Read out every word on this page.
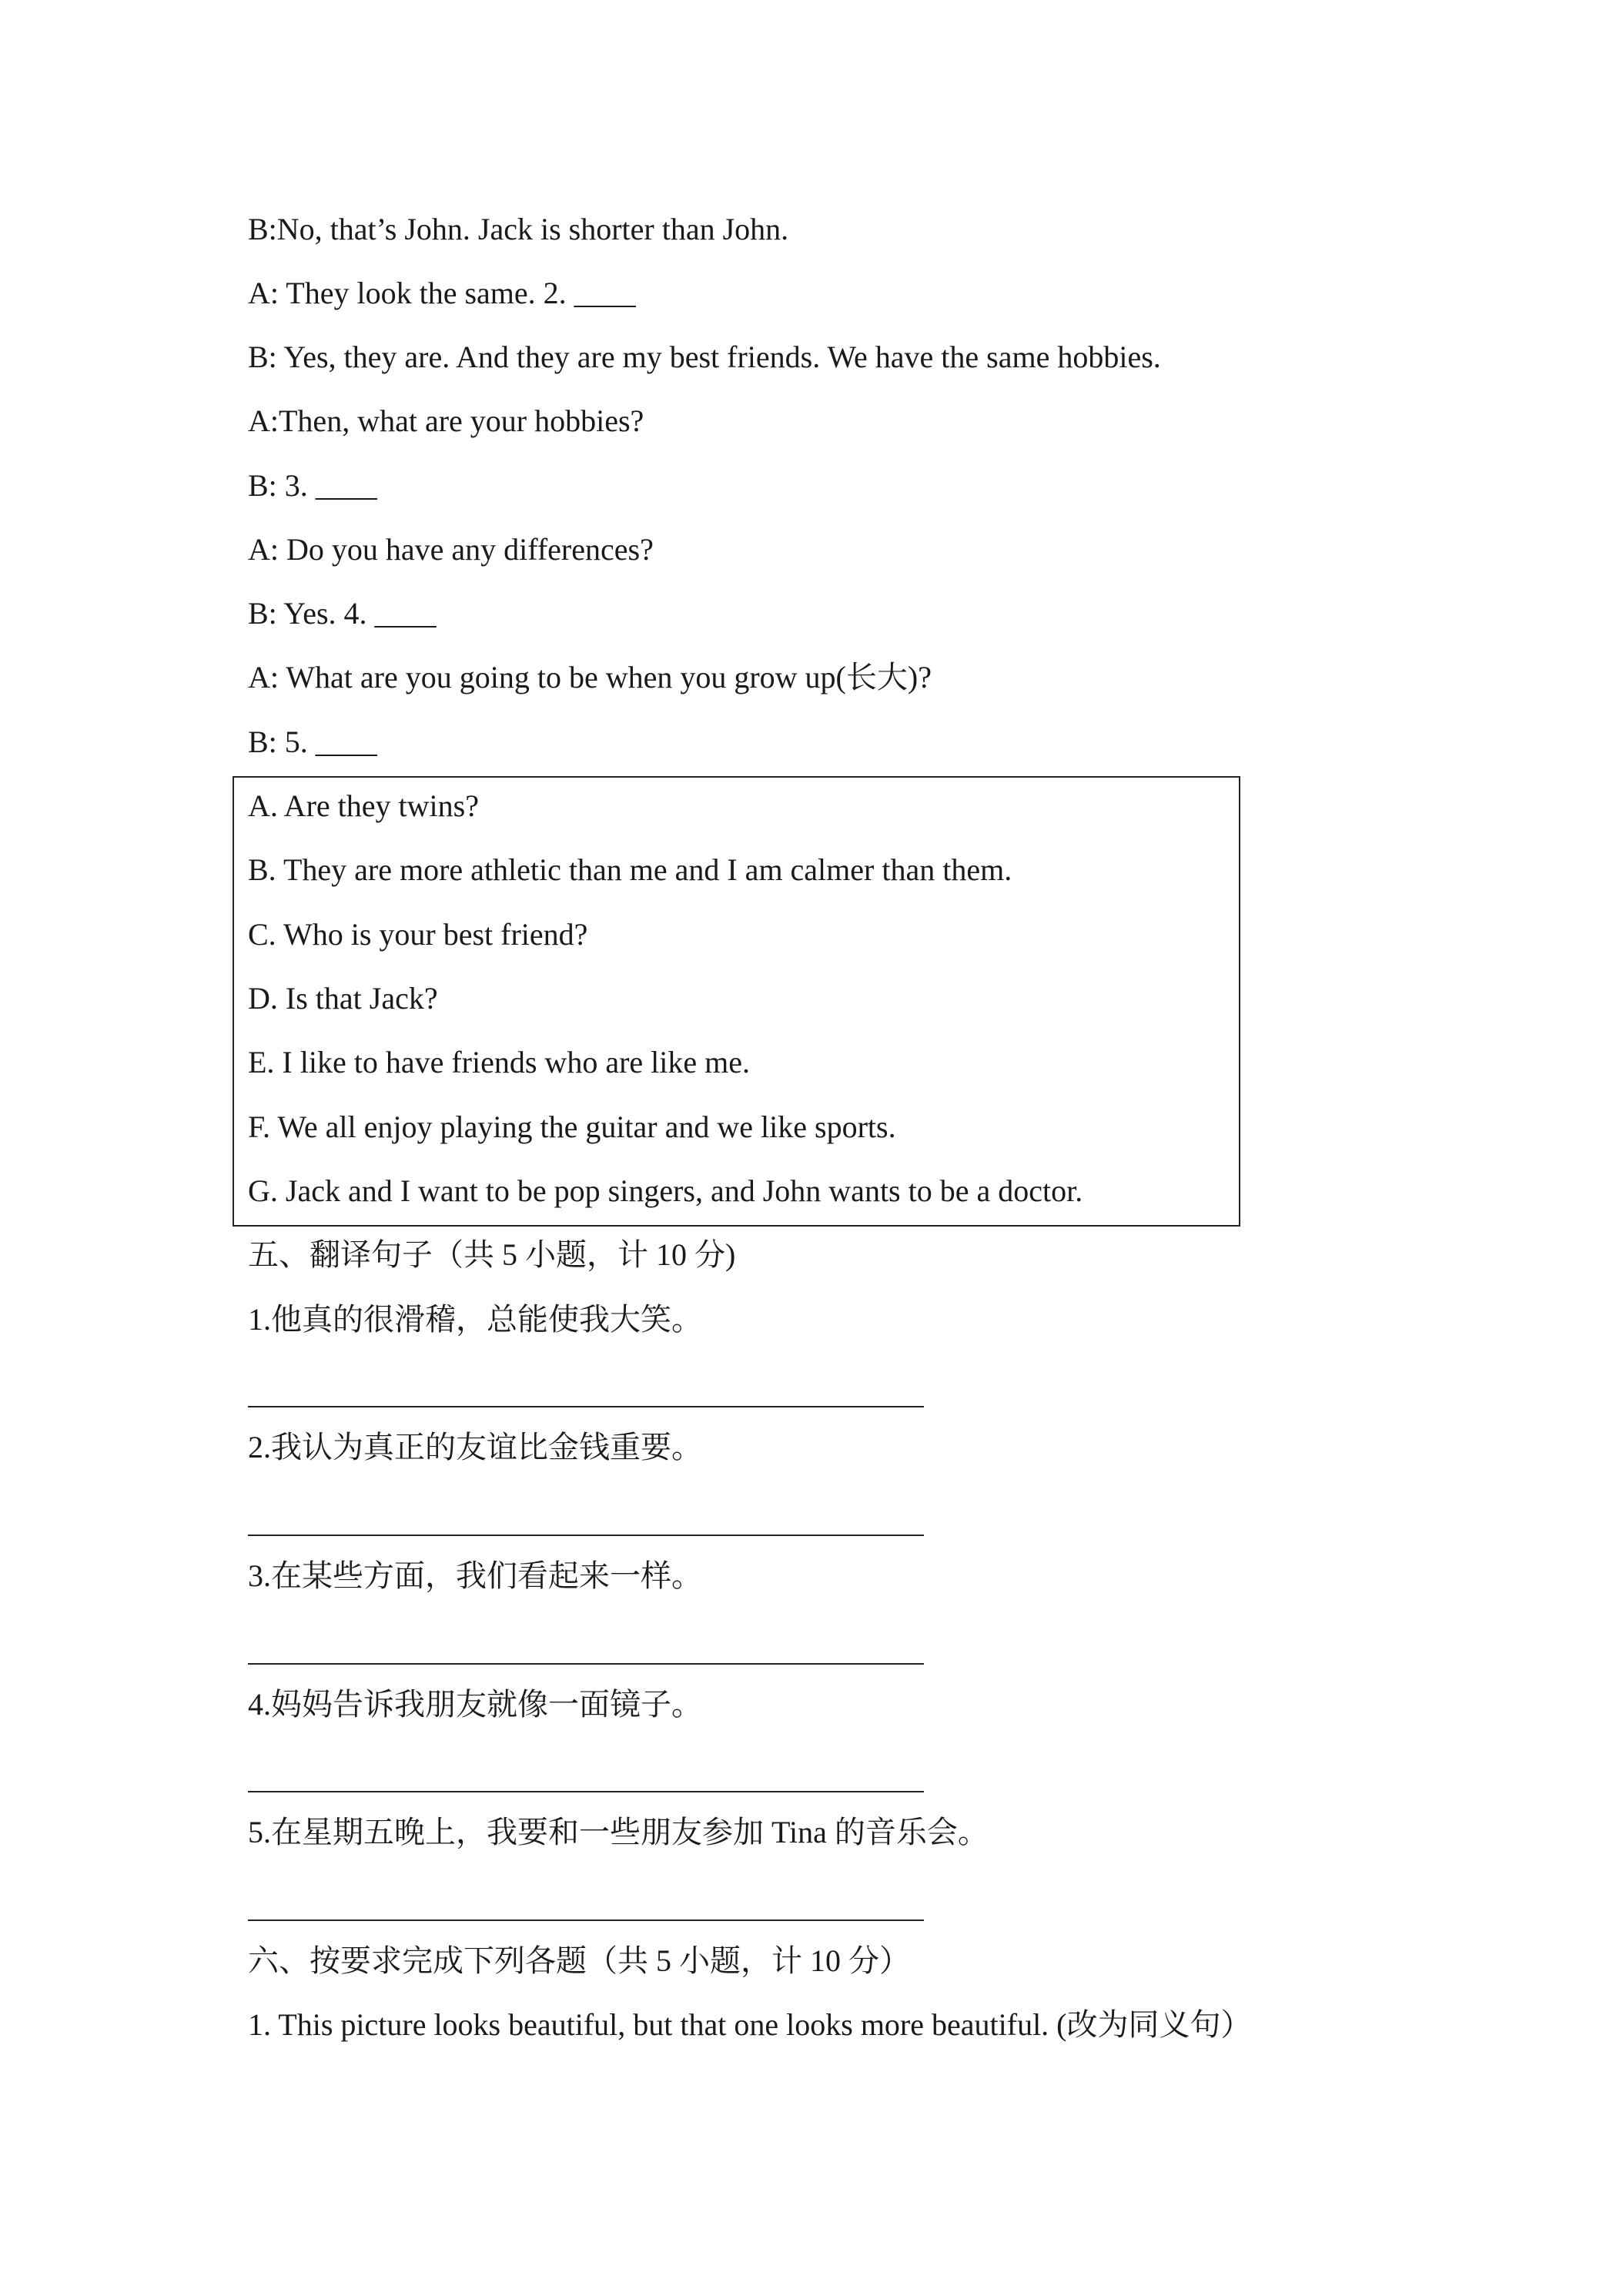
B:No, that’s John. Jack is shorter than John.
A: They look the same. 2. ____
B: Yes, they are. And they are my best friends. We have the same hobbies.
A:Then, what are your hobbies?
B: 3. ____
A: Do you have any differences?
B: Yes. 4. ____
A: What are you going to be when you grow up(长大)?
B: 5. ____
A. Are they twins?
B. They are more athletic than me and I am calmer than them.
C. Who is your best friend?
D. Is that Jack?
E. I like to have friends who are like me.
F. We all enjoy playing the guitar and we like sports.
G. Jack and I want to be pop singers, and John wants to be a doctor.
五、翻译句子（共 5 小题，计 10 分)
1.他真的很滑稽，总能使我大笑。
2.我认为真正的友谊比金钱重要。
3.在某些方面，我们看起来一样。
4.妈妈告诉我朋友就像一面镜子。
5.在星期五晚上，我要和一些朋友参加 Tina 的音乐会。
六、按要求完成下列各题（共 5 小题，计 10 分）
1. This picture looks beautiful, but that one looks more beautiful. (改为同义句）
